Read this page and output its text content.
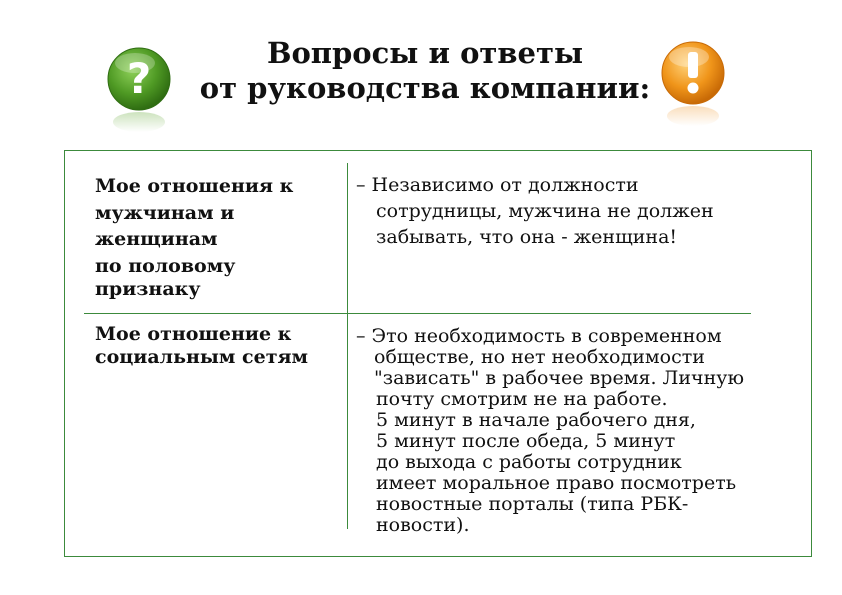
?
Вопросы и ответы
от руководства компании:
Мое отношения к
мужчинам и
женщинам
по половому
признаку
– Независимо от должности
сотрудницы, мужчина не должен
забывать, что она - женщина!
Мое отношение к
социальным сетям
– Это необходимость в современном
обществе, но нет необходимости
"зависать" в рабочее время. Личную
почту смотрим не на работе.
5 минут в начале рабочего дня,
5 минут после обеда, 5 минут
до выхода с работы сотрудник
имеет моральное право посмотреть
новостные порталы (типа РБК-
новости).
